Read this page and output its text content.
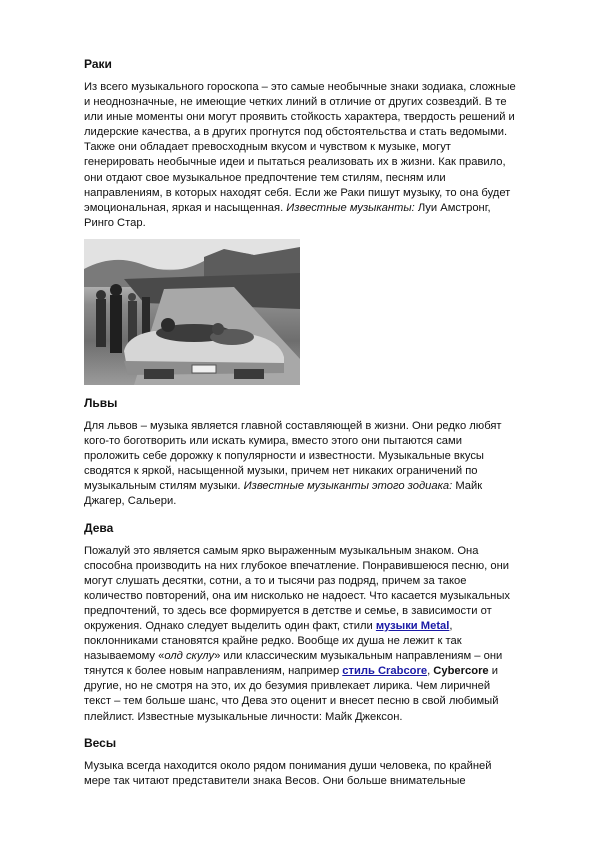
Раки

Из всего музыкального гороскопа – это самые необычные знаки зодиака, сложные и неоднозначные, не имеющие четких линий в отличие от других созвездий. В те или иные моменты они могут проявить стойкость характера, твердость решений и лидерские качества, а в других прогнутся под обстоятельства и стать ведомыми. Также они обладает превосходным вкусом и чувством к музыке, могут генерировать необычные идеи и пытаться реализовать их в жизни. Как правило, они отдают свое музыкальное предпочтение тем стилям, песням или направлениям, в которых находят себя. Если же Раки пишут музыку, то она будет эмоциональная, яркая и насыщенная. Известные музыканты: Луи Амстронг, Ринго Стар.

Львы

Для львов – музыка является главной составляющей в жизни. Они редко любят кого-то боготворить или искать кумира, вместо этого они пытаются сами проложить себе дорожку к популярности и известности. Музыкальные вкусы сводятся к яркой, насыщенной музыки, причем нет никаких ограничений по музыкальным стилям музыки. Известные музыканты этого зодиака: Майк Джагер, Сальери.

Дева

Пожалуй это является самым ярко выраженным музыкальным знаком. Она способна производить на них глубокое впечатление. Понравившеюся песню, они могут слушать десятки, сотни, а то и тысячи раз подряд, причем за такое количество повторений, она им нисколько не надоест. Что касается музыкальных предпочтений, то здесь все формируется в детстве и семье, в зависимости от окружения. Однако следует выделить один факт, стили музыки Metal, поклонниками становятся крайне редко. Вообще их душа не лежит к так называемому «олд скулу» или классическим музыкальным направлениям – они тянутся к более новым направлениям, например стиль Crabcore, Cybercore и другие, но не смотря на это, их до безумия привлекает лирика. Чем лиричней текст – тем больше шанс, что Дева это оценит и внесет песню в свой любимый плейлист. Известные музыкальные личности: Майк Джексон.

Весы

Музыка всегда находится около рядом понимания души человека, по крайней мере так читают представители знака Весов. Они больше внимательные
